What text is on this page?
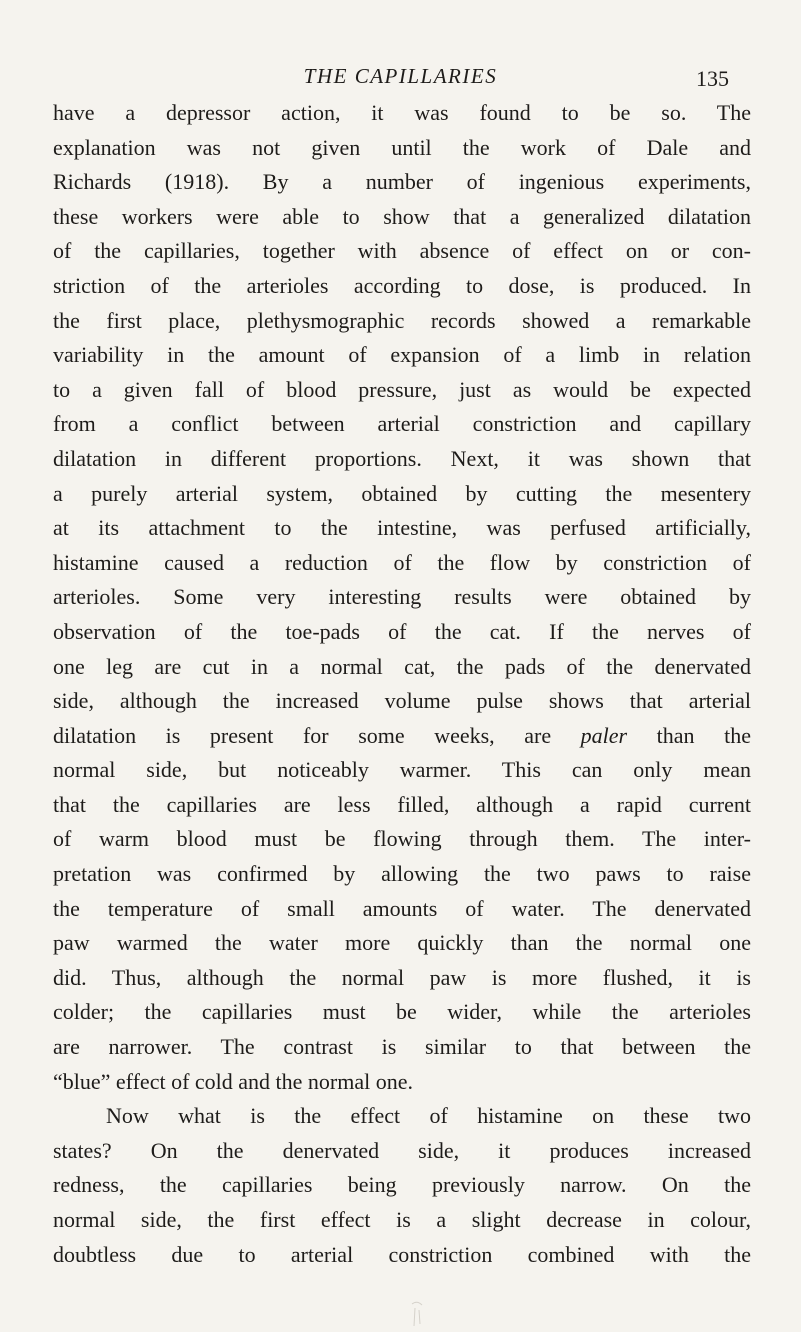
THE CAPILLARIES	135
have a depressor action, it was found to be so. The
explanation was not given until the work of Dale and
Richards (1918). By a number of ingenious experiments,
these workers were able to show that a generalized dilatation
of the capillaries, together with absence of effect on or con-
striction of the arterioles according to dose, is produced. In
the first place, plethysmographic records showed a remarkable
variability in the amount of expansion of a limb in relation
to a given fall of blood pressure, just as would be expected
from a conflict between arterial constriction and capillary
dilatation in different proportions. Next, it was shown that
a purely arterial system, obtained by cutting the mesentery
at its attachment to the intestine, was perfused artificially,
histamine caused a reduction of the flow by constriction of
arterioles. Some very interesting results were obtained by
observation of the toe-pads of the cat. If the nerves of
one leg are cut in a normal cat, the pads of the denervated
side, although the increased volume pulse shows that arterial
dilatation is present for some weeks, are paler than the
normal side, but noticeably warmer. This can only mean
that the capillaries are less filled, although a rapid current
of warm blood must be flowing through them. The inter-
pretation was confirmed by allowing the two paws to raise
the temperature of small amounts of water. The denervated
paw warmed the water more quickly than the normal one
did. Thus, although the normal paw is more flushed, it is
colder; the capillaries must be wider, while the arterioles
are narrower. The contrast is similar to that between the
“blue” effect of cold and the normal one.
Now what is the effect of histamine on these two
states? On the denervated side, it produces increased
redness, the capillaries being previously narrow. On the
normal side, the first effect is a slight decrease in colour,
doubtless due to arterial constriction combined with the
